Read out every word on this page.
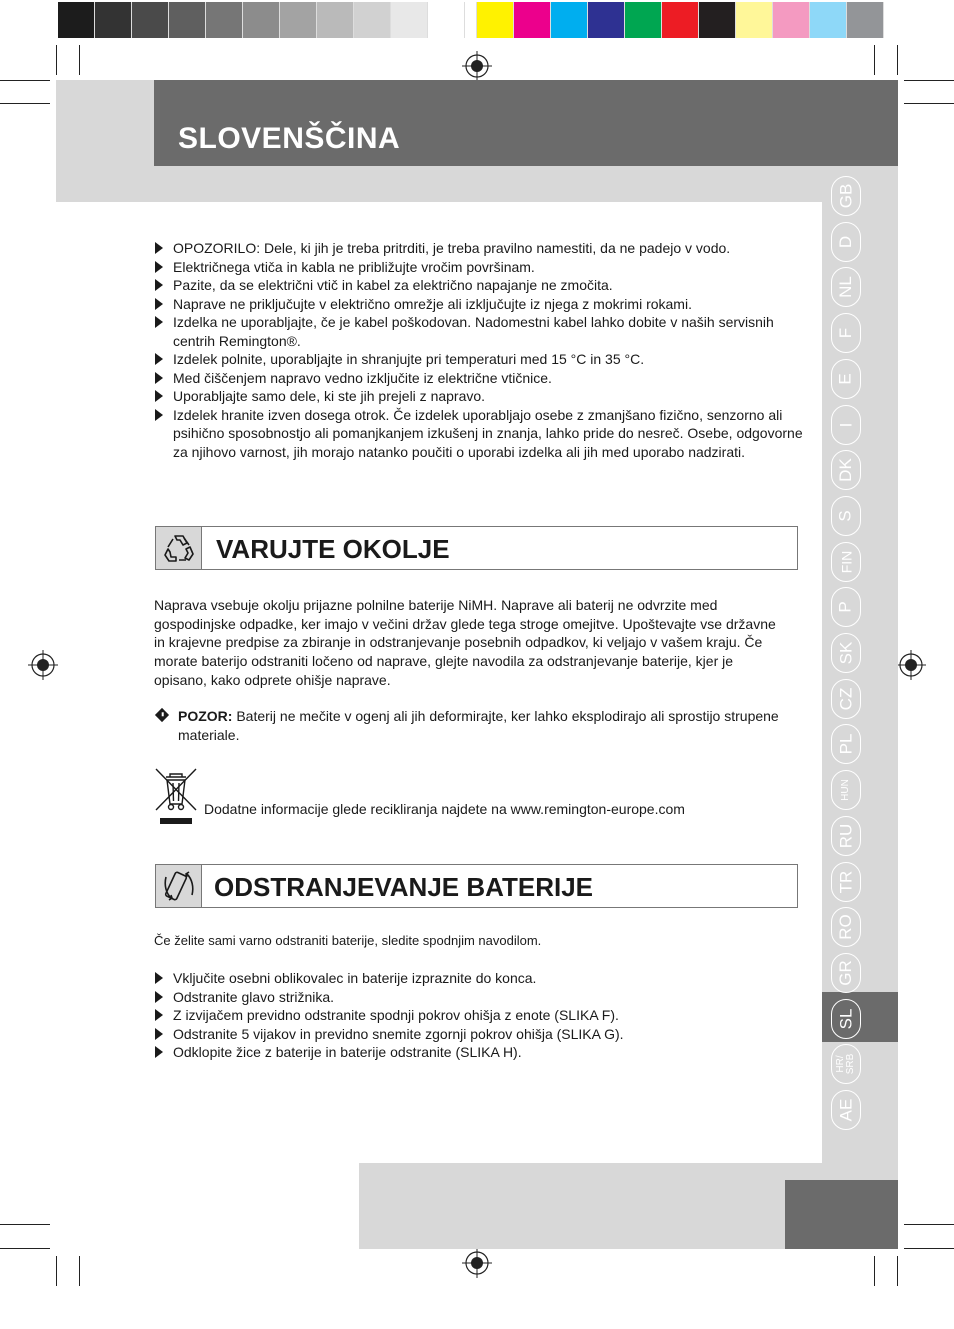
SLOVENŠČINA
OPOZORILO: Dele, ki jih je treba pritrditi, je treba pravilno namestiti, da ne padejo v vodo.
Električnega vtiča in kabla ne približujte vročim površinam.
Pazite, da se električni vtič in kabel za električno napajanje ne zmočita.
Naprave ne priključujte v električno omrežje ali izključujte iz njega z mokrimi rokami.
Izdelka ne uporabljajte, če je kabel poškodovan. Nadomestni kabel lahko dobite v naših servisnih centrih Remington®.
Izdelek polnite, uporabljajte in shranjujte pri temperaturi med 15 °C in 35 °C.
Med čiščenjem napravo vedno izključite iz električne vtičnice.
Uporabljajte samo dele, ki ste jih prejeli z napravo.
Izdelek hranite izven dosega otrok. Če izdelek uporabljajo osebe z zmanjšano fizično, senzorno ali psihično sposobnostjo ali pomanjkanjem izkušenj in znanja, lahko pride do nesreč. Osebe, odgovorne za njihovo varnost, jih morajo natanko poučiti o uporabi izdelka ali jih med uporabo nadzirati.
VARUJTE OKOLJE

Naprava vsebuje okolju prijazne polnilne baterije NiMH. Naprave ali baterij ne odvrzite med gospodinjske odpadke, ker imajo v večini držav glede tega stroge omejitve. Upoštevajte vse državne in krajevne predpise za zbiranje in odstranjevanje posebnih odpadkov, ki veljajo v vašem kraju. Če morate baterijo odstraniti ločeno od naprave, glejte navodila za odstranjevanje baterije, kjer je opisano, kako odprete ohišje naprave.

POZOR: Baterij ne mečite v ogenj ali jih deformirajte, ker lahko eksplodirajo ali sprostijo strupene materiale.
Dodatne informacije glede recikliranja najdete na www.remington-europe.com
ODSTRANJEVANJE BATERIJE

Če želite sami varno odstraniti baterije, sledite spodnjim navodilom.

Vključite osebni oblikovalec in baterije izpraznite do konca.
Odstranite glavo strižnika.
Z izvijačem previdno odstranite spodnji pokrov ohišja z enote (SLIKA F).
Odstranite 5 vijakov in previdno snemite zgornji pokrov ohišja (SLIKA G).
Odklopite žice z baterije in baterije odstranite (SLIKA H).
GB
D
NL
F
E
I
DK
S
FIN
P
SK
CZ
PL
HUN
RU
TR
RO
GR
SL
HR/ SRB
AE
